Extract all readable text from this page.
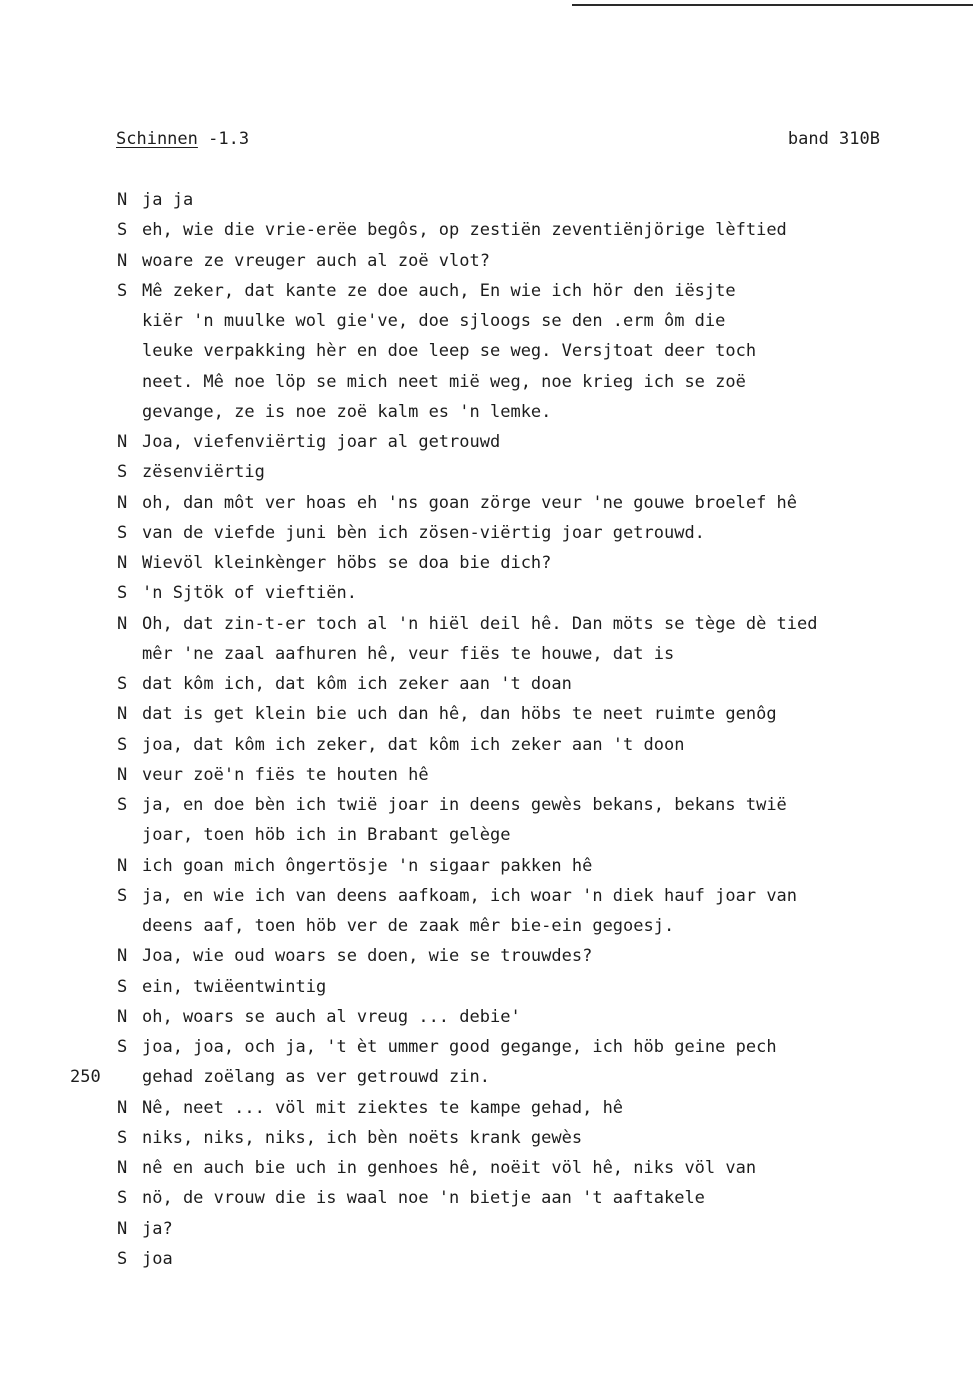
Schinnen -1.3	band 310B
N ja ja
S eh, wie die vrie-erëe begôs, op zestiën zeventiënjörige lèftied
N woare ze vreuger auch al zoë vlot?
S Mê zeker, dat kante ze doe auch, En wie ich hör den iësjte
kiër 'n muulke wol gie've, doe sjloogs se den .erm ôm die
leuke verpakking hèr en doe leep se weg. Versjtoat deer toch
neet. Mê noe löp se mich neet mië weg, noe krieg ich se zoë
gevange, ze is noe zoë kalm es 'n lemke.
N Joa, viefenviërtig joar al getrouwd
S zësenviërtig
N oh, dan môt ver hoas eh 'ns goan zörge veur 'ne gouwe broelef hê
S van de viefde juni bèn ich zösen-viërtig joar getrouwd.
N Wievöl kleinkènger höbs se doa bie dich?
S 'n Sjtök of vieftiën.
N Oh, dat zin-t-er toch al 'n hiël deil hê. Dan möts se tège dè tied
mêr 'ne zaal aafhuren hê, veur fiës te houwe, dat is
S dat kôm ich, dat kôm ich zeker aan 't doan
N dat is get klein bie uch dan hê, dan höbs te neet ruimte genôg
S joa, dat kôm ich zeker, dat kôm ich zeker aan 't doon
N veur zoë'n fiës te houten hê
S ja, en doe bèn ich twië joar in deens gewès bekans, bekans twië
joar, toen höb ich in Brabant gelège
N ich goan mich ôngertösje 'n sigaar pakken hê
S ja, en wie ich van deens aafkoam, ich woar 'n diek hauf joar van
deens aaf, toen höb ver de zaak mêr bie-ein gegoesj.
N Joa, wie oud woars se doen, wie se trouwdes?
S ein, twiëentwintig
N oh, woars se auch al vreug ... debie'
S joa, joa, och ja, 't èt ummer good gegange, ich höb geine pech
250 gehad zoëlang as ver getrouwd zin.
N Nê, neet ... völ mit ziektes te kampe gehad, hê
S niks, niks, niks, ich bèn noëts krank gewès
N nê en auch bie uch in genhoes hê, noëit völ hê, niks völ van
S nö, de vrouw die is waal noe 'n bietje aan 't aaftakele
N ja?
S joa
